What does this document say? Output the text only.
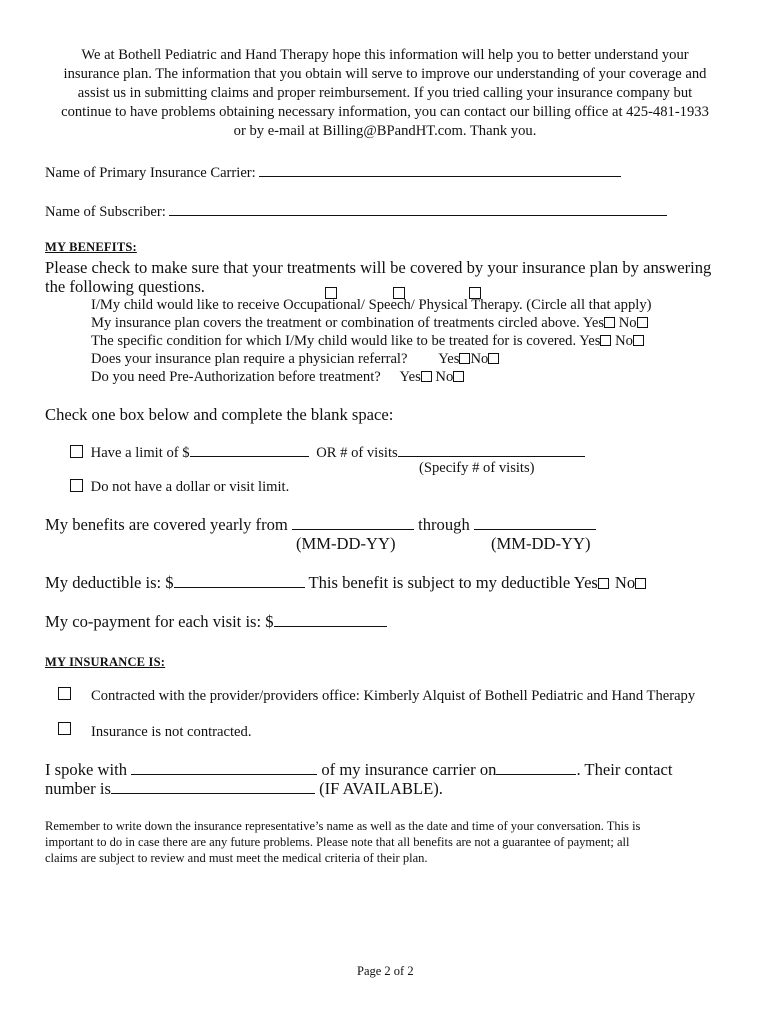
We at Bothell Pediatric and Hand Therapy hope this information will help you to better understand your
insurance plan. The information that you obtain will serve to improve our understanding of your coverage and
assist us in submitting claims and proper reimbursement. If you tried calling your insurance company but
continue to have problems obtaining necessary information, you can contact our billing office at 425-481-1933
or by e-mail at Billing@BPandHT.com. Thank you.
Name of Primary Insurance Carrier:
Name of Subscriber:
MY BENEFITS:
Please check to make sure that your treatments will be covered by your insurance plan by answering
the following questions.
I/My child would like to receive Occupational/ Speech/ Physical Therapy. (Circle all that apply)
My insurance plan covers the treatment or combination of treatments circled above. Yes No
The specific condition for which I/My child would like to be treated for is covered. Yes No
Does your insurance plan require a physician referral? Yes No
Do you need Pre-Authorization before treatment? Yes No
Check one box below and complete the blank space:
Have a limit of $	OR # of visits
(Specify # of visits)
Do not have a dollar or visit limit.
My benefits are covered yearly from	through
(MM-DD-YY)	(MM-DD-YY)
My deductible is: $	This benefit is subject to my deductible Yes No
My co-payment for each visit is: $
MY INSURANCE IS:
Contracted with the provider/providers office: Kimberly Alquist of Bothell Pediatric and Hand Therapy
Insurance is not contracted.
I spoke with	of my insurance carrier on	. Their contact
number is	(IF AVAILABLE).
Remember to write down the insurance representative’s name as well as the date and time of your conversation. This is
important to do in case there are any future problems. Please note that all benefits are not a guarantee of payment; all
claims are subject to review and must meet the medical criteria of their plan.
Page 2 of 2
